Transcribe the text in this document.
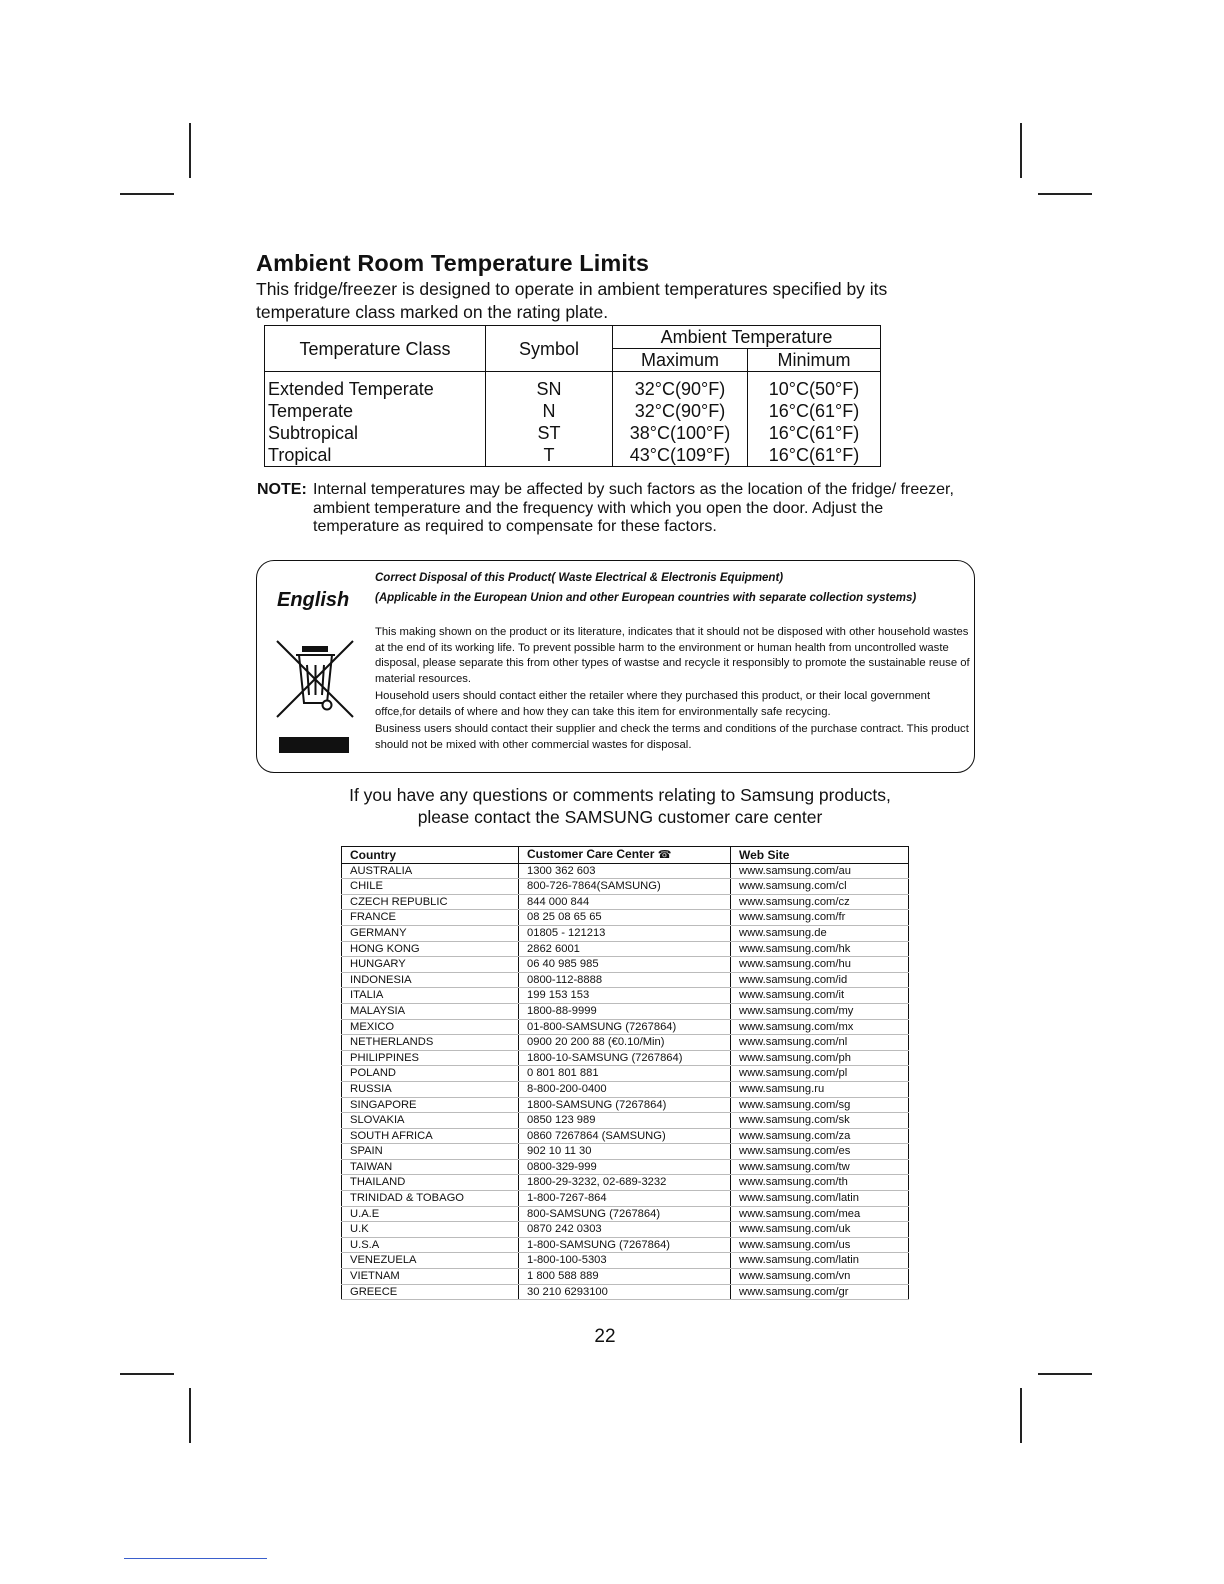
Ambient Room Temperature Limits
This fridge/freezer is designed to operate in ambient temperatures specified by its temperature class marked on the rating plate.
Temperature Class	Symbol	Ambient Temperature	
		Maximum	Minimum
Extended Temperate	SN	32°C(90°F)	10°C(50°F)
Temperate	N	32°C(90°F)	16°C(61°F)
Subtropical	ST	38°C(100°F)	16°C(61°F)
Tropical	T	43°C(109°F)	16°C(61°F)
NOTE: Internal temperatures may be affected by such factors as the location of the fridge/ freezer, ambient temperature and the frequency with which you open the door. Adjust the temperature as required to compensate for these factors.
English
Correct Disposal of this Product( Waste Electrical & Electronis Equipment)
(Applicable in the European Union and other European countries with separate collection systems)

This making shown on the product or its literature, indicates that it should not be disposed with other household wastes at the end of its working life. To prevent possible harm to the environment or human health from uncontrolled waste disposal, please separate this from other types of wastse and recycle it responsibly to promote the sustainable reuse of material resources.

Household users should contact either the retailer where they purchased this product, or their local government offce,for details of where and how they can take this item for environmentally safe recycing.

Business users should contact their supplier and check the terms and conditions of the purchase contract. This product should not be mixed with other commercial wastes for disposal.

If you have any questions or comments relating to Samsung products,
please contact the SAMSUNG customer care center
Country	Customer Care Center ☎	Web Site
AUSTRALIA	1300 362 603	www.samsung.com/au
CHILE	800-726-7864(SAMSUNG)	www.samsung.com/cl
CZECH REPUBLIC	844 000 844	www.samsung.com/cz
FRANCE	08 25 08 65 65	www.samsung.com/fr
GERMANY	01805 - 121213	www.samsung.de
HONG KONG	2862 6001	www.samsung.com/hk
HUNGARY	06 40 985 985	www.samsung.com/hu
INDONESIA	0800-112-8888	www.samsung.com/id
ITALIA	199 153 153	www.samsung.com/it
MALAYSIA	1800-88-9999	www.samsung.com/my
MEXICO	01-800-SAMSUNG (7267864)	www.samsung.com/mx
NETHERLANDS	0900 20 200 88 (€0.10/Min)	www.samsung.com/nl
PHILIPPINES	1800-10-SAMSUNG (7267864)	www.samsung.com/ph
POLAND	0 801 801 881	www.samsung.com/pl
RUSSIA	8-800-200-0400	www.samsung.ru
SINGAPORE	1800-SAMSUNG (7267864)	www.samsung.com/sg
SLOVAKIA	0850 123 989	www.samsung.com/sk
SOUTH AFRICA	0860 7267864 (SAMSUNG)	www.samsung.com/za
SPAIN	902 10 11 30	www.samsung.com/es
TAIWAN	0800-329-999	www.samsung.com/tw
THAILAND	1800-29-3232, 02-689-3232	www.samsung.com/th
TRINIDAD & TOBAGO	1-800-7267-864	www.samsung.com/latin
U.A.E	800-SAMSUNG (7267864)	www.samsung.com/mea
U.K	0870 242 0303	www.samsung.com/uk
U.S.A	1-800-SAMSUNG (7267864)	www.samsung.com/us
VENEZUELA	1-800-100-5303	www.samsung.com/latin
VIETNAM	1 800 588 889	www.samsung.com/vn
GREECE	30 210 6293100	www.samsung.com/gr
22
